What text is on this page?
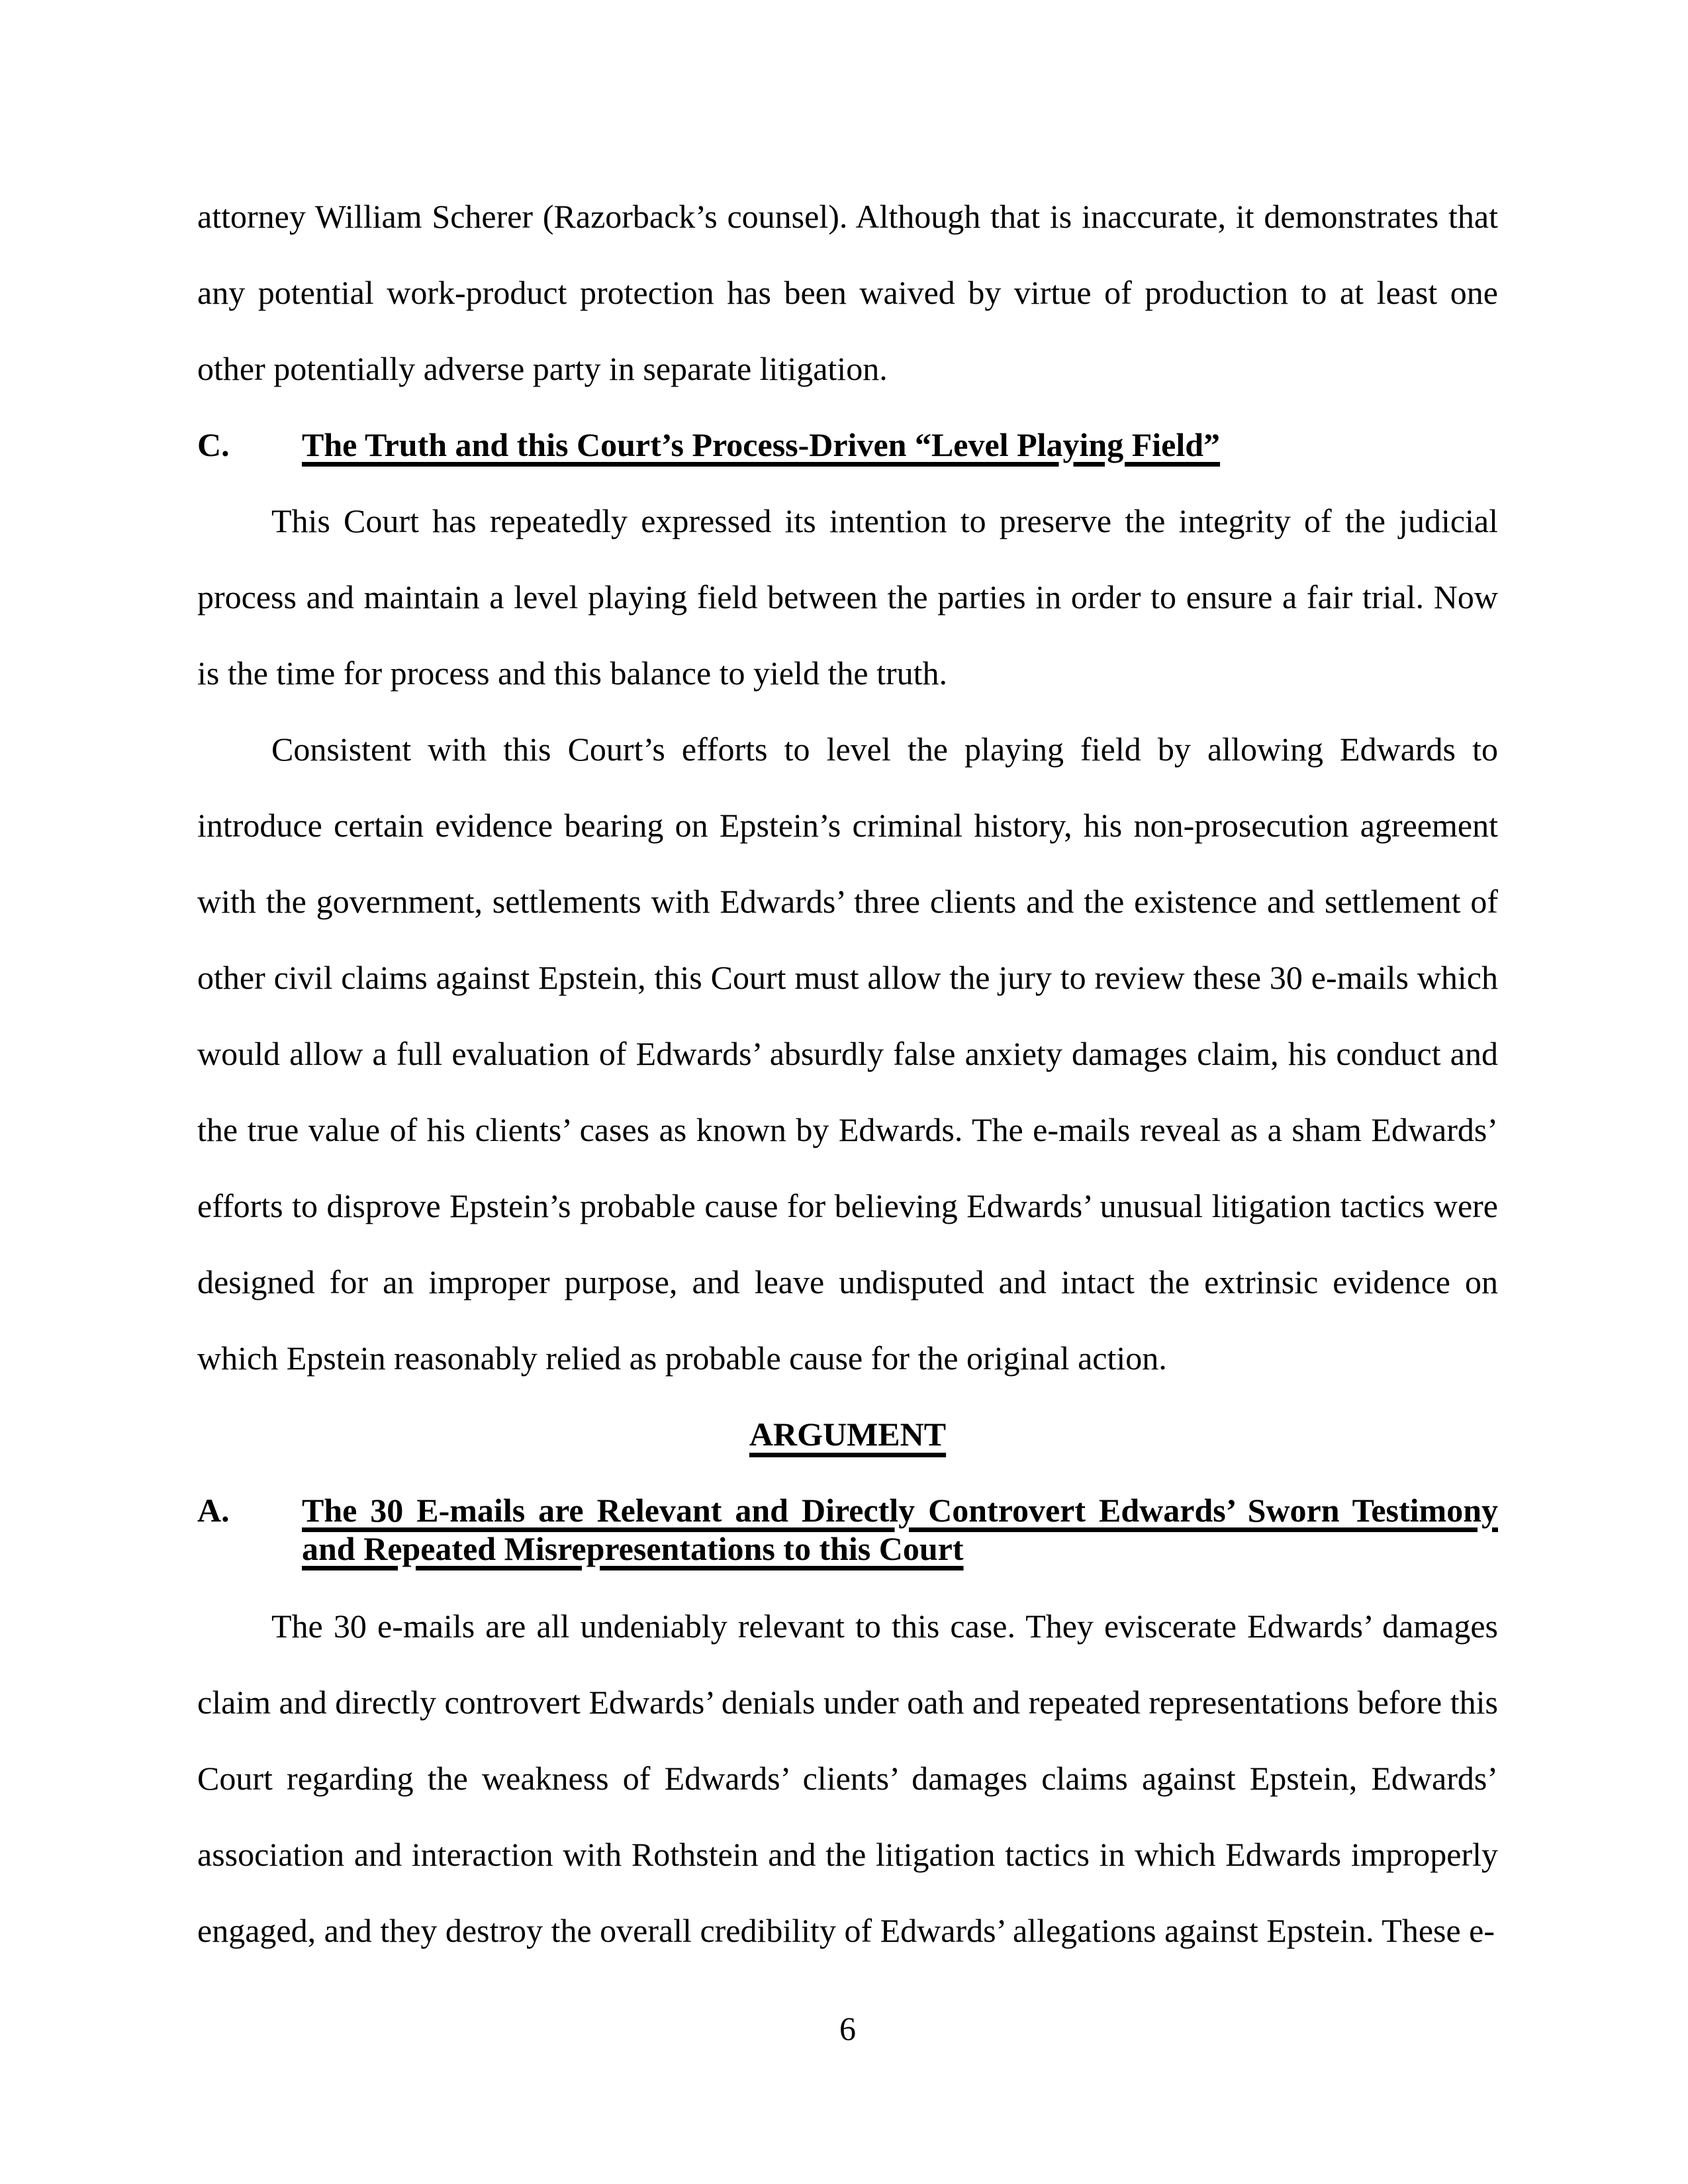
attorney William Scherer (Razorback’s counsel). Although that is inaccurate, it demonstrates that any potential work-product protection has been waived by virtue of production to at least one other potentially adverse party in separate litigation.

C.	The Truth and this Court’s Process-Driven “Level Playing Field”

This Court has repeatedly expressed its intention to preserve the integrity of the judicial process and maintain a level playing field between the parties in order to ensure a fair trial. Now is the time for process and this balance to yield the truth.

Consistent with this Court’s efforts to level the playing field by allowing Edwards to introduce certain evidence bearing on Epstein’s criminal history, his non-prosecution agreement with the government, settlements with Edwards’ three clients and the existence and settlement of other civil claims against Epstein, this Court must allow the jury to review these 30 e-mails which would allow a full evaluation of Edwards’ absurdly false anxiety damages claim, his conduct and the true value of his clients’ cases as known by Edwards. The e-mails reveal as a sham Edwards’ efforts to disprove Epstein’s probable cause for believing Edwards’ unusual litigation tactics were designed for an improper purpose, and leave undisputed and intact the extrinsic evidence on which Epstein reasonably relied as probable cause for the original action.

ARGUMENT
A.	The 30 E-mails are Relevant and Directly Controvert Edwards’ Sworn Testimony and Repeated Misrepresentations to this Court

The 30 e-mails are all undeniably relevant to this case. They eviscerate Edwards’ damages claim and directly controvert Edwards’ denials under oath and repeated representations before this Court regarding the weakness of Edwards’ clients’ damages claims against Epstein, Edwards’ association and interaction with Rothstein and the litigation tactics in which Edwards improperly engaged, and they destroy the overall credibility of Edwards’ allegations against Epstein. These e-

6
